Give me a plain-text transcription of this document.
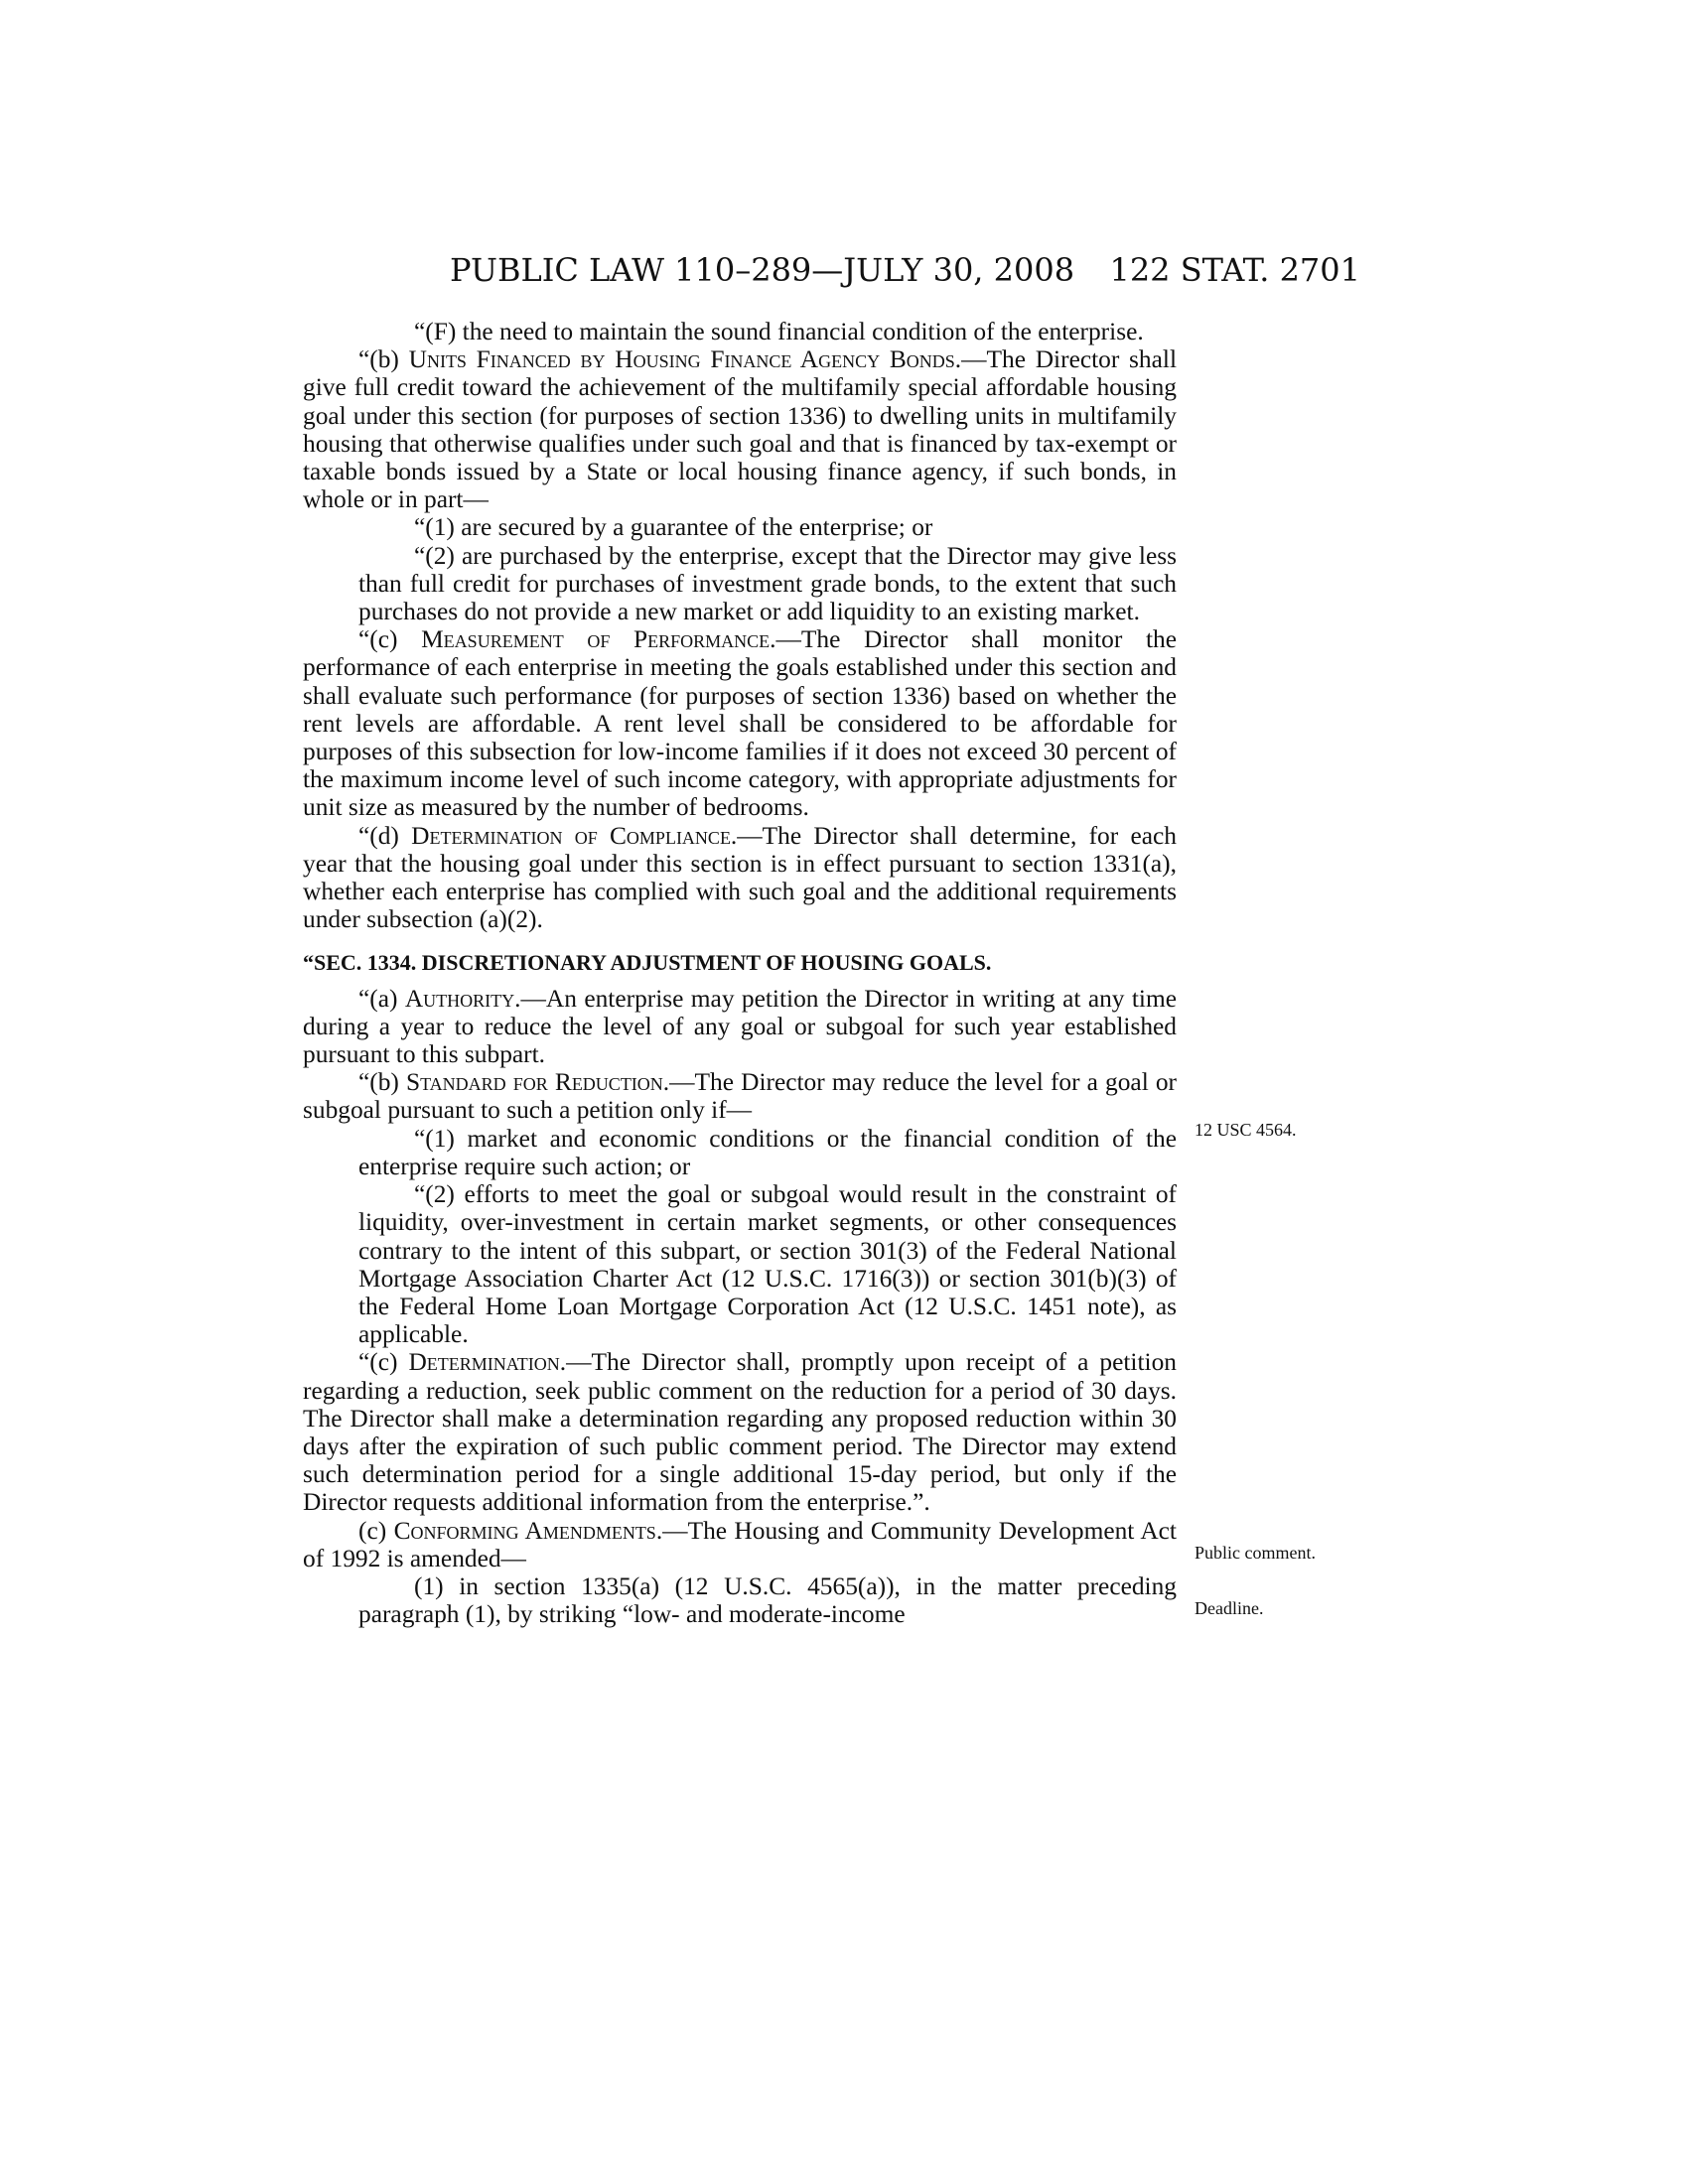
PUBLIC LAW 110–289—JULY 30, 2008 122 STAT. 2701

“(F) the need to maintain the sound financial condition of the enterprise.

“(b) Units Financed by Housing Finance Agency Bonds.—The Director shall give full credit toward the achievement of the multifamily special affordable housing goal under this section (for purposes of section 1336) to dwelling units in multifamily housing that otherwise qualifies under such goal and that is financed by tax-exempt or taxable bonds issued by a State or local housing finance agency, if such bonds, in whole or in part—

“(1) are secured by a guarantee of the enterprise; or

“(2) are purchased by the enterprise, except that the Director may give less than full credit for purchases of investment grade bonds, to the extent that such purchases do not provide a new market or add liquidity to an existing market.

“(c) Measurement of Performance.—The Director shall monitor the performance of each enterprise in meeting the goals established under this section and shall evaluate such performance (for purposes of section 1336) based on whether the rent levels are affordable. A rent level shall be considered to be affordable for purposes of this subsection for low-income families if it does not exceed 30 percent of the maximum income level of such income category, with appropriate adjustments for unit size as measured by the number of bedrooms.

“(d) Determination of Compliance.—The Director shall determine, for each year that the housing goal under this section is in effect pursuant to section 1331(a), whether each enterprise has complied with such goal and the additional requirements under subsection (a)(2).

“SEC. 1334. DISCRETIONARY ADJUSTMENT OF HOUSING GOALS.

“(a) Authority.—An enterprise may petition the Director in writing at any time during a year to reduce the level of any goal or subgoal for such year established pursuant to this subpart.

“(b) Standard for Reduction.—The Director may reduce the level for a goal or subgoal pursuant to such a petition only if—

“(1) market and economic conditions or the financial condition of the enterprise require such action; or

“(2) efforts to meet the goal or subgoal would result in the constraint of liquidity, over-investment in certain market segments, or other consequences contrary to the intent of this subpart, or section 301(3) of the Federal National Mortgage Association Charter Act (12 U.S.C. 1716(3)) or section 301(b)(3) of the Federal Home Loan Mortgage Corporation Act (12 U.S.C. 1451 note), as applicable.

“(c) Determination.—The Director shall, promptly upon receipt of a petition regarding a reduction, seek public comment on the reduction for a period of 30 days. The Director shall make a determination regarding any proposed reduction within 30 days after the expiration of such public comment period. The Director may extend such determination period for a single additional 15-day period, but only if the Director requests additional information from the enterprise.”.

(c) Conforming Amendments.—The Housing and Community Development Act of 1992 is amended—

(1) in section 1335(a) (12 U.S.C. 4565(a)), in the matter preceding paragraph (1), by striking “low- and moderate-income

12 USC 4564.
Public comment.
Deadline.
